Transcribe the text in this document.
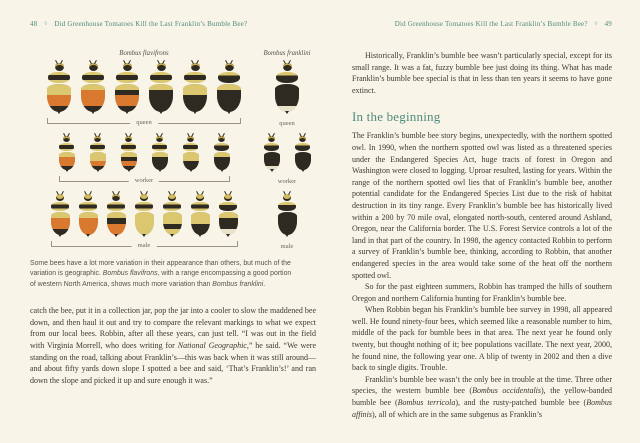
48 ◊ Did Greenhouse Tomatoes Kill the Last Franklin’s Bumble Bee?
Bombus flavifrons	Bombus franklini
queen	queen
worker	worker
male	male
Some bees have a lot more variation in their appearance than others, but much of the variation is geographic. Bombus flavifrons, with a range encompassing a good portion of western North America, shows much more variation than Bombus franklini.
catch the bee, put it in a collection jar, pop the jar into a cooler to slow the maddened bee down, and then haul it out and try to compare the relevant markings to what we expect from our local bees. Robbin, after all these years, can just tell. “I was out in the field with Virginia Morrell, who does writing for National Geographic,” he said. “We were standing on the road, talking about Franklin’s—this was back when it was still around—and about fifty yards down slope I spotted a bee and said, ‘That’s Franklin’s!’ and ran down the slope and picked it up and sure enough it was.”
Did Greenhouse Tomatoes Kill the Last Franklin’s Bumble Bee? ◊ 49

Historically, Franklin’s bumble bee wasn’t particularly special, except for its small range. It was a fat, fuzzy bumble bee just doing its thing. What has made Franklin’s bumble bee special is that in less than ten years it seems to have gone extinct.

In the beginning

The Franklin’s bumble bee story begins, unexpectedly, with the northern spotted owl. In 1990, when the northern spotted owl was listed as a threatened species under the Endangered Species Act, huge tracts of forest in Oregon and Washington were closed to logging. Uproar resulted, lasting for years. Within the range of the northern spotted owl lies that of Franklin’s bumble bee, another potential candidate for the Endangered Species List due to the risk of habitat destruction in its tiny range. Every Franklin’s bumble bee has historically lived within a 200 by 70 mile oval, elongated north-south, centered around Ashland, Oregon, near the California border. The U.S. Forest Service controls a lot of the land in that part of the country. In 1998, the agency contacted Robbin to perform a survey of Franklin’s bumble bee, thinking, according to Robbin, that another endangered species in the area would take some of the heat off the northern spotted owl.

So for the past eighteen summers, Robbin has tramped the hills of southern Oregon and northern California hunting for Franklin’s bumble bee.

When Robbin began his Franklin’s bumble bee survey in 1998, all appeared well. He found ninety-four bees, which seemed like a reasonable number to him, middle of the pack for bumble bees in that area. The next year he found only twenty, but thought nothing of it; bee populations vacillate. The next year, 2000, he found nine, the following year one. A blip of twenty in 2002 and then a dive back to single digits. Trouble.

Franklin’s bumble bee wasn’t the only bee in trouble at the time. Three other species, the western bumble bee (Bombus occidentalis), the yellow-banded bumble bee (Bombus terricola), and the rusty-patched bumble bee (Bombus affinis), all of which are in the same subgenus as Franklin’s
